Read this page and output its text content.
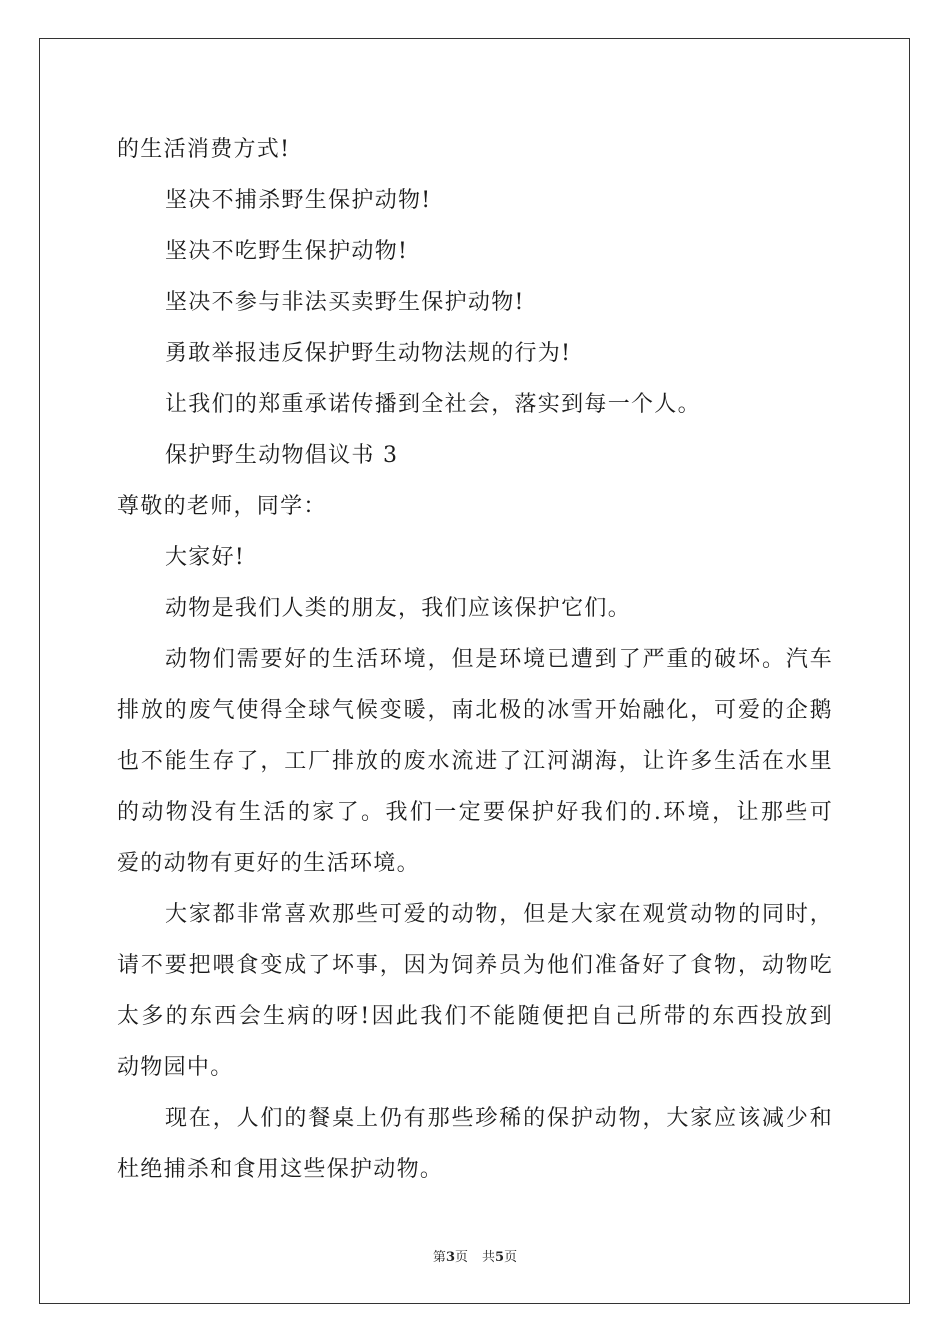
的生活消费方式!
坚决不捕杀野生保护动物!
坚决不吃野生保护动物!
坚决不参与非法买卖野生保护动物!
勇敢举报违反保护野生动物法规的行为!
让我们的郑重承诺传播到全社会，落实到每一个人。
保护野生动物倡议书 3
尊敬的老师，同学：
大家好!
动物是我们人类的朋友，我们应该保护它们。
动物们需要好的生活环境，但是环境已遭到了严重的破坏。汽车
排放的废气使得全球气候变暖，南北极的冰雪开始融化，可爱的企鹅
也不能生存了，工厂排放的废水流进了江河湖海，让许多生活在水里
的动物没有生活的家了。我们一定要保护好我们的.环境，让那些可
爱的动物有更好的生活环境。
大家都非常喜欢那些可爱的动物，但是大家在观赏动物的同时，
请不要把喂食变成了坏事，因为饲养员为他们准备好了食物，动物吃
太多的东西会生病的呀!因此我们不能随便把自己所带的东西投放到
动物园中。
现在，人们的餐桌上仍有那些珍稀的保护动物，大家应该减少和
杜绝捕杀和食用这些保护动物。
第3页 共5页
